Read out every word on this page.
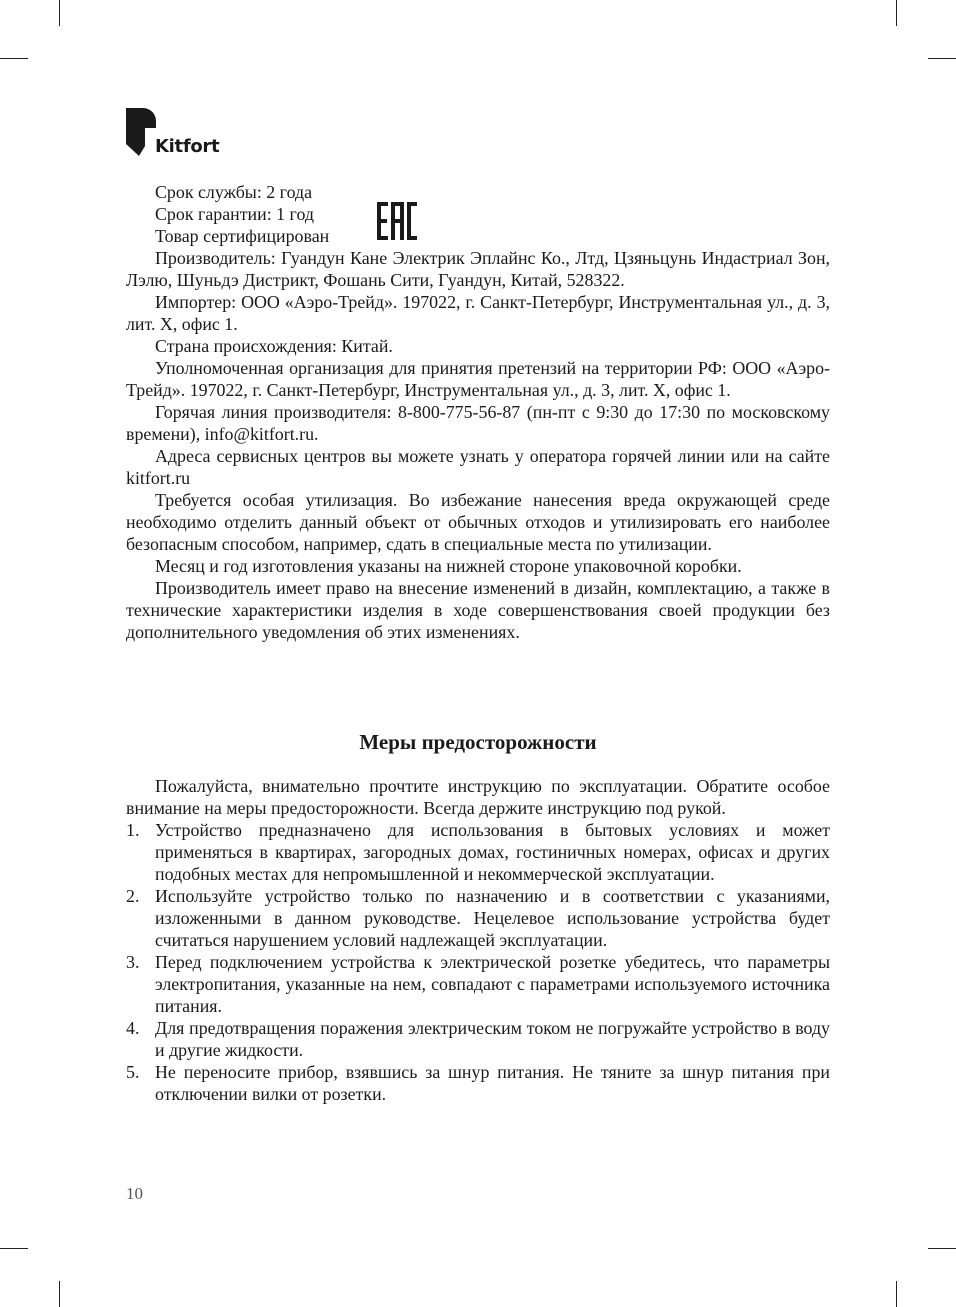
Kitfort
Срок службы: 2 года
Срок гарантии: 1 год
Товар сертифицирован

Производитель: Гуандун Кане Электрик Эплайнс Ко., Лтд, Цзяньцунь Индастриал Зон, Лэлю, Шуньдэ Дистрикт, Фошань Сити, Гуандун, Китай, 528322.

Импортер: ООО «Аэро-Трейд». 197022, г. Санкт-Петербург, Инструментальная ул., д. 3, лит. Х, офис 1.

Страна происхождения: Китай.

Уполномоченная организация для принятия претензий на территории РФ: ООО «Аэро-Трейд». 197022, г. Санкт-Петербург, Инструментальная ул., д. 3, лит. Х, офис 1.

Горячая линия производителя: 8-800-775-56-87 (пн-пт с 9:30 до 17:30 по московскому времени), info@kitfort.ru.

Адреса сервисных центров вы можете узнать у оператора горячей линии или на сайте kitfort.ru

Требуется особая утилизация. Во избежание нанесения вреда окружающей среде необходимо отделить данный объект от обычных отходов и утилизировать его наиболее безопасным способом, например, сдать в специальные места по утилизации.

Месяц и год изготовления указаны на нижней стороне упаковочной коробки.

Производитель имеет право на внесение изменений в дизайн, комплектацию, а также в технические характеристики изделия в ходе совершенствования своей продукции без дополнительного уведомления об этих изменениях.

Меры предосторожности

Пожалуйста, внимательно прочтите инструкцию по эксплуатации. Обратите особое внимание на меры предосторожности. Всегда держите инструкцию под рукой.

1. Устройство предназначено для использования в бытовых условиях и может применяться в квартирах, загородных домах, гостиничных номерах, офисах и других подобных местах для непромышленной и некоммерческой эксплуатации.
2. Используйте устройство только по назначению и в соответствии с указаниями, изложенными в данном руководстве. Нецелевое использование устройства будет считаться нарушением условий надлежащей эксплуатации.
3. Перед подключением устройства к электрической розетке убедитесь, что параметры электропитания, указанные на нем, совпадают с параметрами используемого источника питания.
4. Для предотвращения поражения электрическим током не погружайте устройство в воду и другие жидкости.
5. Не переносите прибор, взявшись за шнур питания. Не тяните за шнур питания при отключении вилки от розетки.
10
